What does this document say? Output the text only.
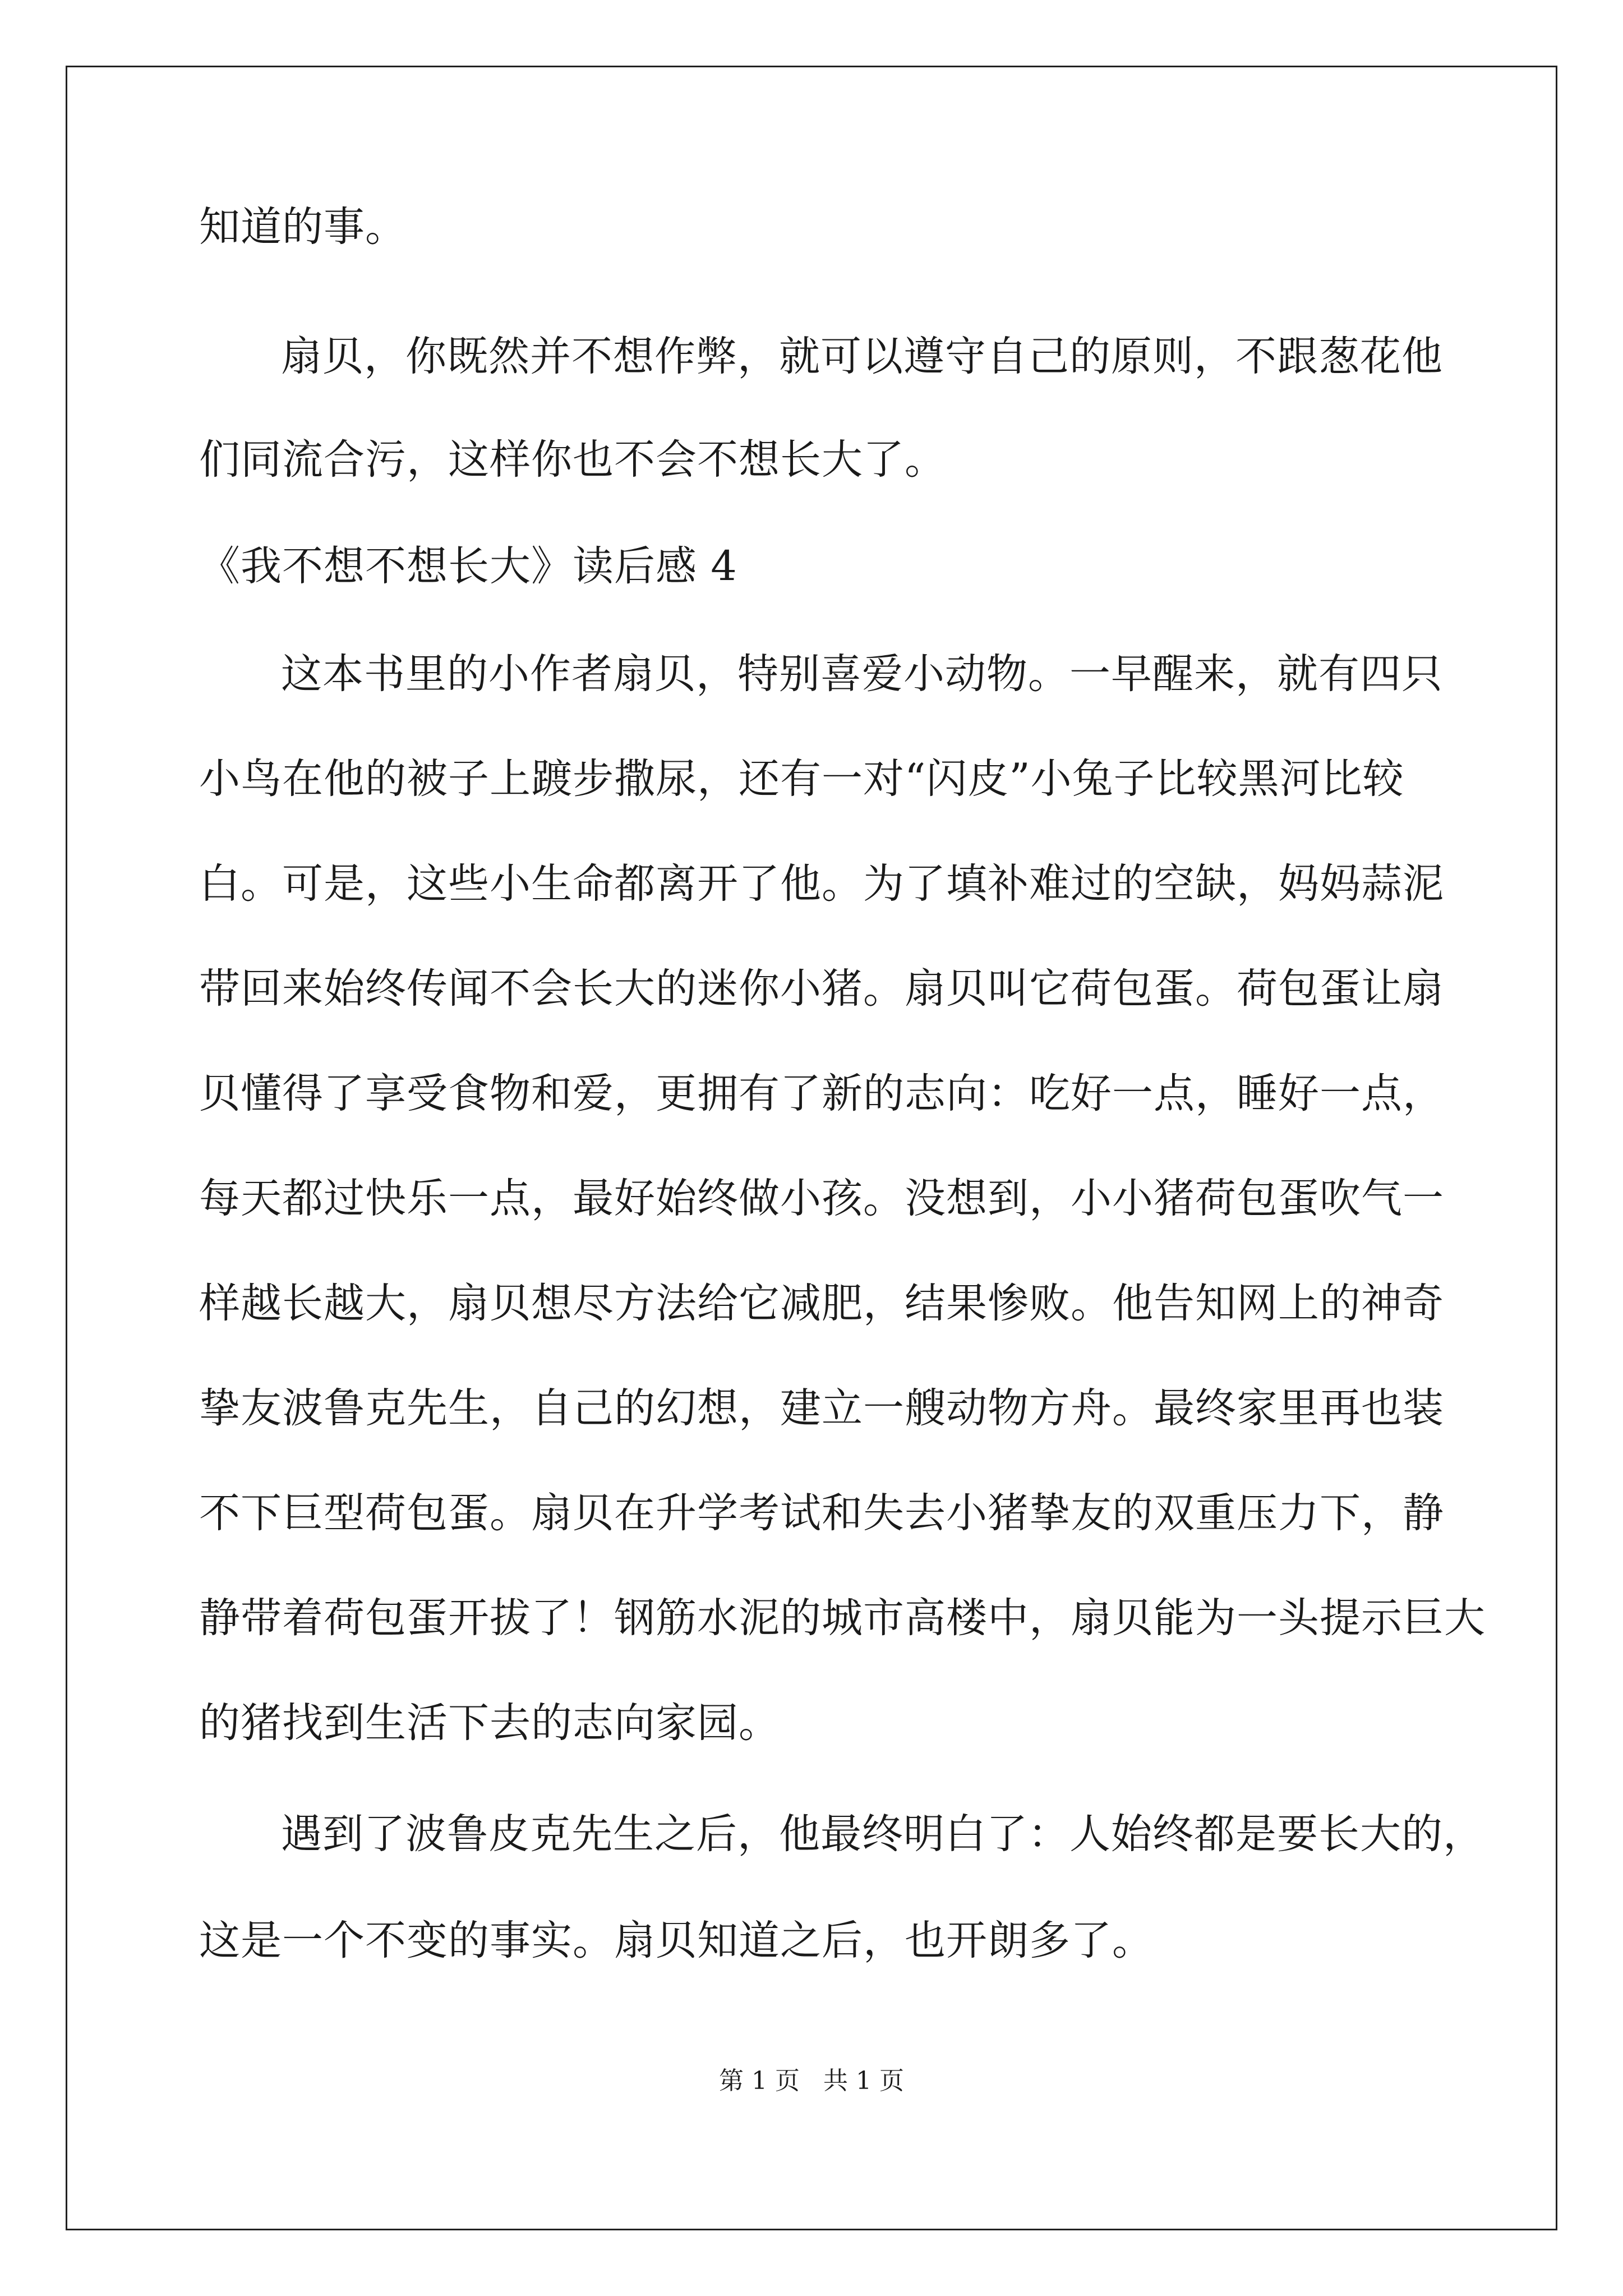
知道的事。
扇贝，你既然并不想作弊，就可以遵守自己的原则，不跟葱花他
们同流合污，这样你也不会不想长大了。
《我不想不想长大》读后感 4
这本书里的小作者扇贝，特别喜爱小动物。一早醒来，就有四只
小鸟在他的被子上踱步撒尿，还有一对“闪皮”小兔子比较黑河比较
白。可是，这些小生命都离开了他。为了填补难过的空缺，妈妈蒜泥
带回来始终传闻不会长大的迷你小猪。扇贝叫它荷包蛋。荷包蛋让扇
贝懂得了享受食物和爱，更拥有了新的志向：吃好一点，睡好一点，
每天都过快乐一点，最好始终做小孩。没想到，小小猪荷包蛋吹气一
样越长越大，扇贝想尽方法给它减肥，结果惨败。他告知网上的神奇
挚友波鲁克先生，自己的幻想，建立一艘动物方舟。最终家里再也装
不下巨型荷包蛋。扇贝在升学考试和失去小猪挚友的双重压力下，静
静带着荷包蛋开拔了！钢筋水泥的城市高楼中，扇贝能为一头提示巨大
的猪找到生活下去的志向家园。
遇到了波鲁皮克先生之后，他最终明白了：人始终都是要长大的，
这是一个不变的事实。扇贝知道之后，也开朗多了。
第 1 页 共 1 页
